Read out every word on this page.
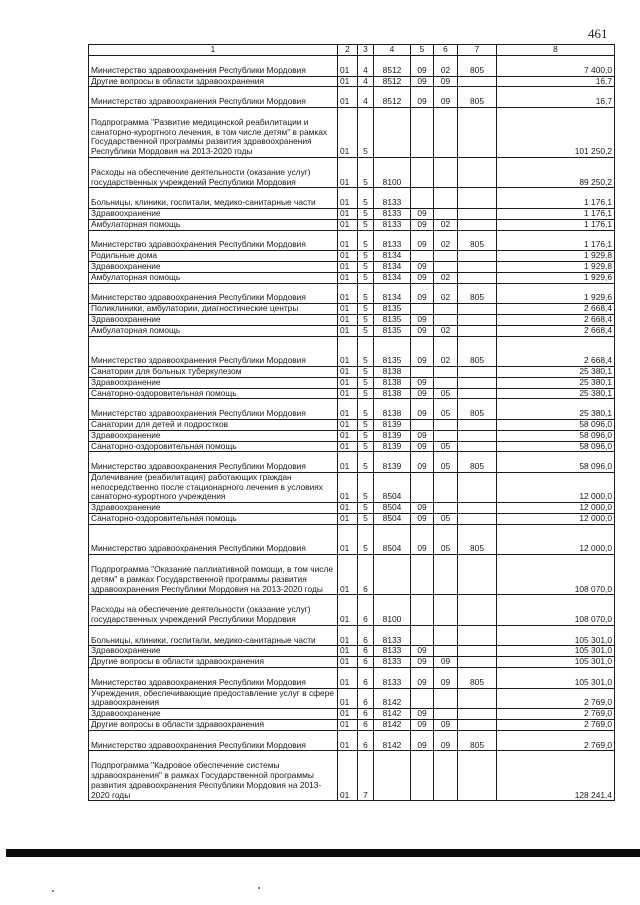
461
1	2	3	4	5	6	7	8
Министерство здравоохранения Республики Мордовия	01	4	8512	09	02	805	7 400,0
Другие вопросы в области здравоохранения	01	4	8512	09	09		16,7
Министерство здравоохранения Республики Мордовия	01	4	8512	09	09	805	16,7
Подпрограмма "Развитие медицинской реабилитации и санаторно-курортного лечения, в том числе детям" в рамках Государственной программы развития здравоохранения Республики Мордовия на 2013-2020 годы	01	5					101 250,2
Расходы на обеспечение деятельности (оказание услуг) государственных учреждений Республики Мордовия	01	5	8100				89 250,2
Больницы, клиники, госпитали, медико-санитарные части	01	5	8133				1 176,1
Здравоохранение	01	5	8133	09			1 176,1
Амбулаторная помощь	01	5	8133	09	02		1 176,1
Министерство здравоохранения Республики Мордовия	01	5	8133	09	02	805	1 176,1
Родильные дома	01	5	8134				1 929,8
Здравоохранение	01	5	8134	09			1 929,8
Амбулаторная помощь	01	5	8134	09	02		1 929,6
Министерство здравоохранения Республики Мордовия	01	5	8134	09	02	805	1 929,6
Поликлиники, амбулатории, диагностические центры	01	5	8135				2 668,4
Здравоохранение	01	5	8135	09			2 668,4
Амбулаторная помощь	01	5	8135	09	02		2 668,4
Министерство здравоохранения Республики Мордовия	01	5	8135	09	02	805	2 668,4
Санатории для больных туберкулезом	01	5	8138				25 380,1
Здравоохранение	01	5	8138	09			25 380,1
Санаторно-оздоровительная помощь	01	5	8138	09	05		25 380,1
Министерство здравоохранения Республики Мордовия	01	5	8138	09	05	805	25 380,1
Санатории для детей и подростков	01	5	8139				58 096,0
Здравоохранение	01	5	8139	09			58 096,0
Санаторно-оздоровительная помощь	01	5	8139	09	05		58 096,0
Министерство здравоохранения Республики Мордовия	01	5	8139	09	05	805	58 096,0
Долечивание (реабилитация) работающих граждан непосредственно после стационарного лечения в условиях санаторно-курортного учреждения	01	5	8504				12 000,0
Здравоохранение	01	5	8504	09			12 000,0
Санаторно-оздоровительная помощь	01	5	8504	09	05		12 000,0
Министерство здравоохранения Республики Мордовия	01	5	8504	09	05	805	12 000,0
Подпрограмма "Оказание паллиативной помощи, в том числе детям" в рамках Государственной программы развития здравоохранения Республики Мордовия на 2013-2020 годы	01	6					108 070,0
Расходы на обеспечение деятельности (оказание услуг) государственных учреждений Республики Мордовия	01	6	8100				108 070,0
Больницы, клиники, госпитали, медико-санитарные части	01	6	8133				105 301,0
Здравоохранение	01	6	8133	09			105 301,0
Другие вопросы в области здравоохранения	01	6	8133	09	09		105 301,0
Министерство здравоохранения Республики Мордовия	01	6	8133	09	09	805	105 301,0
Учреждения, обеспечивающие предоставление услуг в сфере здравоохранения	01	6	8142				2 769,0
Здравоохранение	01	6	8142	09			2 769,0
Другие вопросы в области здравоохранения	01	6	8142	09	09		2 769,0
Министерство здравоохранения Республики Мордовия	01	6	8142	09	09	805	2 769,0
Подпрограмма "Кадровое обеспечение системы здравоохранения" в рамках Государственной программы развития здравоохранения Республики Мордовия на 2013-2020 годы	01	7					128 241,4
